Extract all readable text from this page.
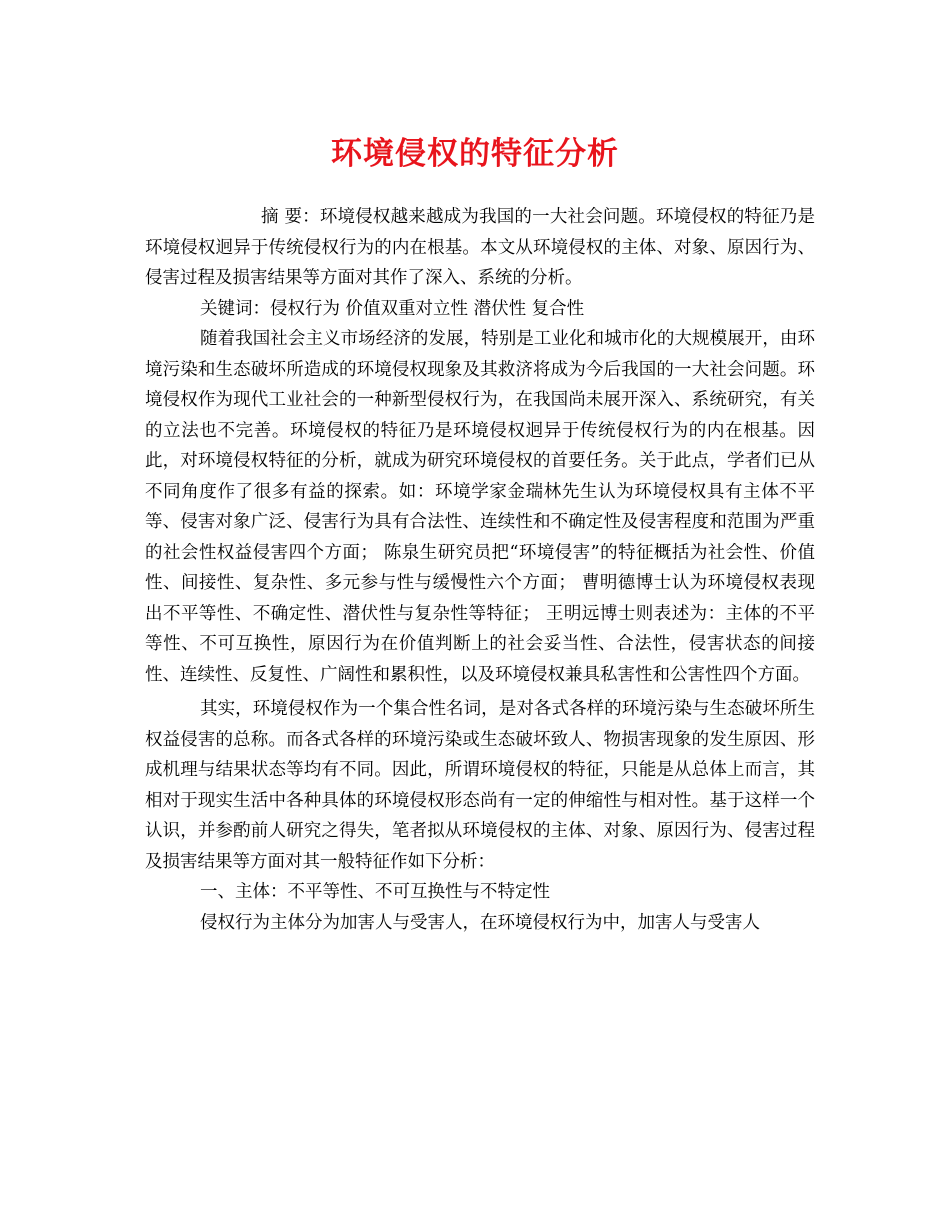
环境侵权的特征分析

摘 要：环境侵权越来越成为我国的一大社会问题。环境侵权的特征乃是环境侵权迥异于传统侵权行为的内在根基。本文从环境侵权的主体、对象、原因行为、侵害过程及损害结果等方面对其作了深入、系统的分析。

关键词：侵权行为 价值双重对立性 潜伏性 复合性

随着我国社会主义市场经济的发展，特别是工业化和城市化的大规模展开，由环境污染和生态破坏所造成的环境侵权现象及其救济将成为今后我国的一大社会问题。环境侵权作为现代工业社会的一种新型侵权行为，在我国尚未展开深入、系统研究，有关的立法也不完善。环境侵权的特征乃是环境侵权迥异于传统侵权行为的内在根基。因此，对环境侵权特征的分析，就成为研究环境侵权的首要任务。关于此点，学者们已从不同角度作了很多有益的探索。如：环境学家金瑞林先生认为环境侵权具有主体不平等、侵害对象广泛、侵害行为具有合法性、连续性和不确定性及侵害程度和范围为严重的社会性权益侵害四个方面； 陈泉生研究员把“环境侵害”的特征概括为社会性、价值性、间接性、复杂性、多元参与性与缓慢性六个方面； 曹明德博士认为环境侵权表现出不平等性、不确定性、潜伏性与复杂性等特征； 王明远博士则表述为：主体的不平等性、不可互换性，原因行为在价值判断上的社会妥当性、合法性，侵害状态的间接性、连续性、反复性、广阔性和累积性，以及环境侵权兼具私害性和公害性四个方面。

其实，环境侵权作为一个集合性名词，是对各式各样的环境污染与生态破坏所生权益侵害的总称。而各式各样的环境污染或生态破坏致人、物损害现象的发生原因、形成机理与结果状态等均有不同。因此，所谓环境侵权的特征，只能是从总体上而言，其相对于现实生活中各种具体的环境侵权形态尚有一定的伸缩性与相对性。基于这样一个认识，并参酌前人研究之得失，笔者拟从环境侵权的主体、对象、原因行为、侵害过程及损害结果等方面对其一般特征作如下分析：

一、主体：不平等性、不可互换性与不特定性

侵权行为主体分为加害人与受害人，在环境侵权行为中，加害人与受害人
